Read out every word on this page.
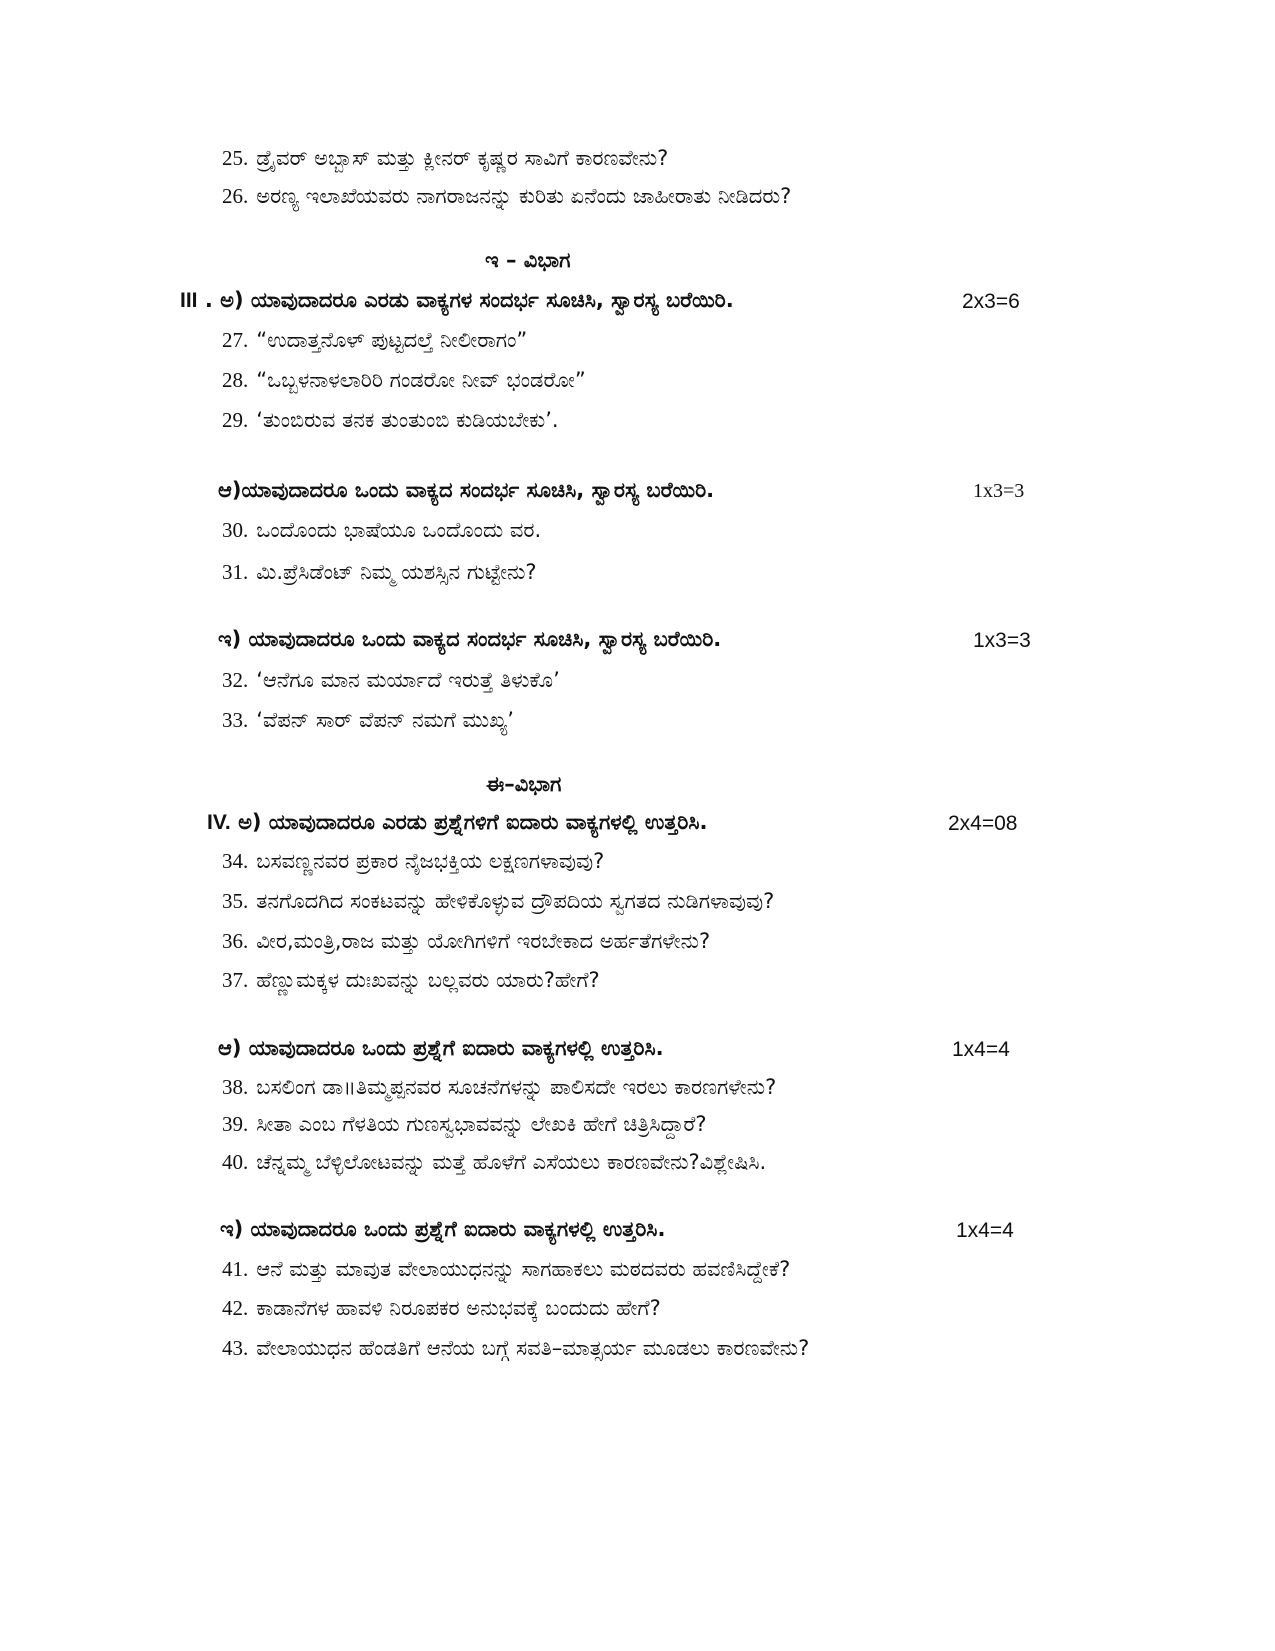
25. ಡ್ರೈವರ್ ಅಬ್ಬಾಸ್ ಮತ್ತು ಕ್ಲೀನರ್ ಕೃಷ್ಣರ ಸಾವಿಗೆ ಕಾರಣವೇನು?
26. ಅರಣ್ಯ ಇಲಾಖೆಯವರು ನಾಗರಾಜನನ್ನು ಕುರಿತು ಏನೆಂದು ಜಾಹೀರಾತು ನೀಡಿದರು?
ಇ – ವಿಭಾಗ
III . ಅ) ಯಾವುದಾದರೂ ಎರಡು ವಾಕ್ಯಗಳ ಸಂದರ್ಭ ಸೂಚಿಸಿ, ಸ್ವಾರಸ್ಯ ಬರೆಯಿರಿ.	2x3=6
27. “ಉದಾತ್ತನೊಳ್ ಪುಟ್ಟದಲ್ತೆ ನೀಲೀರಾಗಂ”
28. “ಒಬ್ಬಳನಾಳಲಾರಿರಿ ಗಂಡರೋ ನೀವ್ ಭಂಡರೋ”
29. ‘ತುಂಬಿರುವ ತನಕ ತುಂತುಂಬಿ ಕುಡಿಯಬೇಕು’.
ಆ)ಯಾವುದಾದರೂ ಒಂದು ವಾಕ್ಯದ ಸಂದರ್ಭ ಸೂಚಿಸಿ, ಸ್ವಾರಸ್ಯ ಬರೆಯಿರಿ.	1x3=3
30. ಒಂದೊಂದು ಭಾಷೆಯೂ ಒಂದೊಂದು ವರ.
31. ಮಿ.ಪ್ರೆಸಿಡೆಂಟ್ ನಿಮ್ಮ ಯಶಸ್ಸಿನ ಗುಟ್ಟೇನು?
ಇ) ಯಾವುದಾದರೂ ಒಂದು ವಾಕ್ಯದ ಸಂದರ್ಭ ಸೂಚಿಸಿ, ಸ್ವಾರಸ್ಯ ಬರೆಯಿರಿ.	1x3=3
32. ‘ಆನೆಗೂ ಮಾನ ಮರ್ಯಾದೆ ಇರುತ್ತೆ ತಿಳುಕೊ’
33. ‘ವೆಪನ್ ಸಾರ್ ವೆಪನ್ ನಮಗೆ ಮುಖ್ಯ’
ಈ–ವಿಭಾಗ
IV. ಅ) ಯಾವುದಾದರೂ ಎರಡು ಪ್ರಶ್ನೆಗಳಿಗೆ ಐದಾರು ವಾಕ್ಯಗಳಲ್ಲಿ ಉತ್ತರಿಸಿ.	2x4=08
34. ಬಸವಣ್ಣನವರ ಪ್ರಕಾರ ನೈಜಭಕ್ತಿಯ ಲಕ್ಷಣಗಳಾವುವು?
35. ತನಗೊದಗಿದ ಸಂಕಟವನ್ನು ಹೇಳಿಕೊಳ್ಳುವ ದ್ರೌಪದಿಯ ಸ್ವಗತದ ನುಡಿಗಳಾವುವು?
36. ವೀರ,ಮಂತ್ರಿ,ರಾಜ ಮತ್ತು ಯೋಗಿಗಳಿಗೆ ಇರಬೇಕಾದ ಅರ್ಹತೆಗಳೇನು?
37. ಹೆಣ್ಣುಮಕ್ಕಳ ದುಃಖವನ್ನು ಬಲ್ಲವರು ಯಾರು?ಹೇಗೆ?
ಆ) ಯಾವುದಾದರೂ ಒಂದು ಪ್ರಶ್ನೆಗೆ ಐದಾರು ವಾಕ್ಯಗಳಲ್ಲಿ ಉತ್ತರಿಸಿ.	1x4=4
38. ಬಸಲಿಂಗ ಡಾ॥ತಿಮ್ಮಪ್ಪನವರ ಸೂಚನೆಗಳನ್ನು ಪಾಲಿಸದೇ ಇರಲು ಕಾರಣಗಳೇನು?
39. ಸೀತಾ ಎಂಬ ಗೆಳತಿಯ ಗುಣಸ್ವಭಾವವನ್ನು ಲೇಖಕಿ ಹೇಗೆ ಚಿತ್ರಿಸಿದ್ದಾರೆ?
40. ಚೆನ್ನಮ್ಮ ಬೆಳ್ಳಿಲೋಟವನ್ನು ಮತ್ತೆ ಹೊಳೆಗೆ ಎಸೆಯಲು ಕಾರಣವೇನು?ವಿಶ್ಲೇಷಿಸಿ.
ಇ) ಯಾವುದಾದರೂ ಒಂದು ಪ್ರಶ್ನೆಗೆ ಐದಾರು ವಾಕ್ಯಗಳಲ್ಲಿ ಉತ್ತರಿಸಿ.	1x4=4
41. ಆನೆ ಮತ್ತು ಮಾವುತ ವೇಲಾಯುಧನನ್ನು ಸಾಗಹಾಕಲು ಮಠದವರು ಹವಣಿಸಿದ್ದೇಕೆ?
42. ಕಾಡಾನೆಗಳ ಹಾವಳಿ ನಿರೂಪಕರ ಅನುಭವಕ್ಕೆ ಬಂದುದು ಹೇಗೆ?
43. ವೇಲಾಯುಧನ ಹೆಂಡತಿಗೆ ಆನೆಯ ಬಗ್ಗೆ ಸವತಿ–ಮಾತ್ಸರ್ಯ ಮೂಡಲು ಕಾರಣವೇನು?
